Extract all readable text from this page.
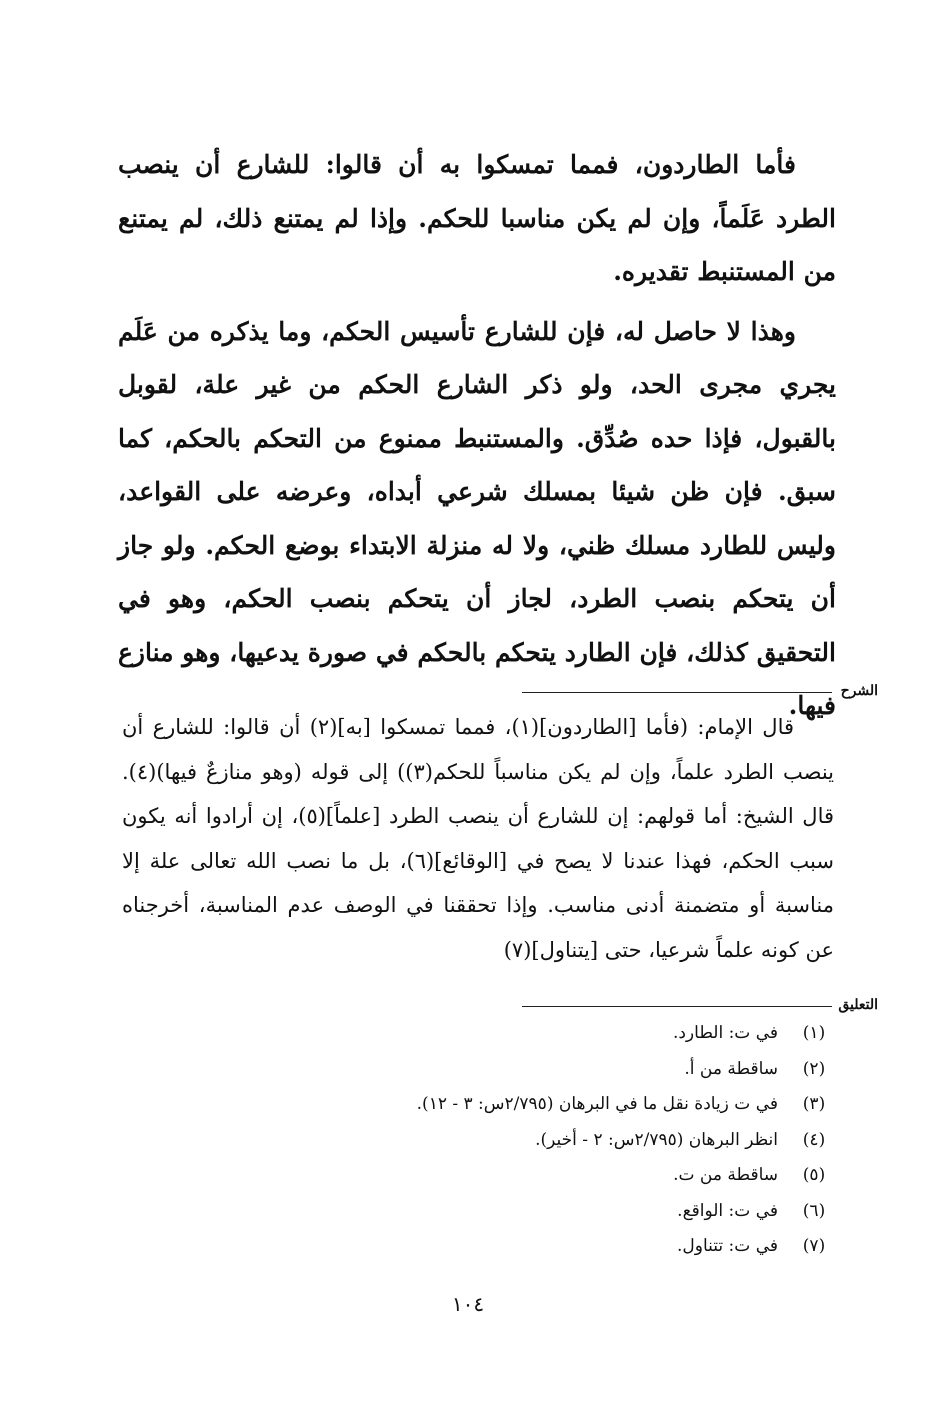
فأما الطاردون، فمما تمسكوا به أن قالوا: للشارع أن ينصب الطرد عَلَماً، وإن لم يكن مناسبا للحكم. وإذا لم يمتنع ذلك، لم يمتنع من المستنبط تقديره.

وهذا لا حاصل له، فإن للشارع تأسيس الحكم، وما يذكره من عَلَم يجري مجرى الحد، ولو ذكر الشارع الحكم من غير علة، لقوبل بالقبول، فإذا حده صُدِّق. والمستنبط ممنوع من التحكم بالحكم، كما سبق. فإن ظن شيئا بمسلك شرعي أبداه، وعرضه على القواعد، وليس للطارد مسلك ظني، ولا له منزلة الابتداء بوضع الحكم. ولو جاز أن يتحكم بنصب الطرد، لجاز أن يتحكم بنصب الحكم، وهو في التحقيق كذلك، فإن الطارد يتحكم بالحكم في صورة يدعيها، وهو منازع فيها. الشرح

قال الإمام: (فأما [الطاردون](١)، فمما تمسكوا [به](٢) أن قالوا: للشارع أن ينصب الطرد علماً، وإن لم يكن مناسباً للحكم(٣)) إلى قوله (وهو منازعٌ فيها)(٤). قال الشيخ: أما قولهم: إن للشارع أن ينصب الطرد [علماً](٥)، إن أرادوا أنه يكون سبب الحكم، فهذا عندنا لا يصح في [الوقائع](٦)، بل ما نصب الله تعالى علة إلا مناسبة أو متضمنة أدنى مناسب. وإذا تحققنا في الوصف عدم المناسبة، أخرجناه عن كونه علماً شرعيا، حتى [يتناول](٧)

التعليق
(١)
في ت: الطارد.
(٢)
ساقطة من أ.
(٣)
في ت زيادة نقل ما في البرهان (٢/٧٩٥س: ٣ - ١٢).
(٤)
انظر البرهان (٢/٧٩٥س: ٢ - أخير).
(٥)
ساقطة من ت.
(٦)
في ت: الواقع.
(٧)
في ت: تتناول.
١٠٤
